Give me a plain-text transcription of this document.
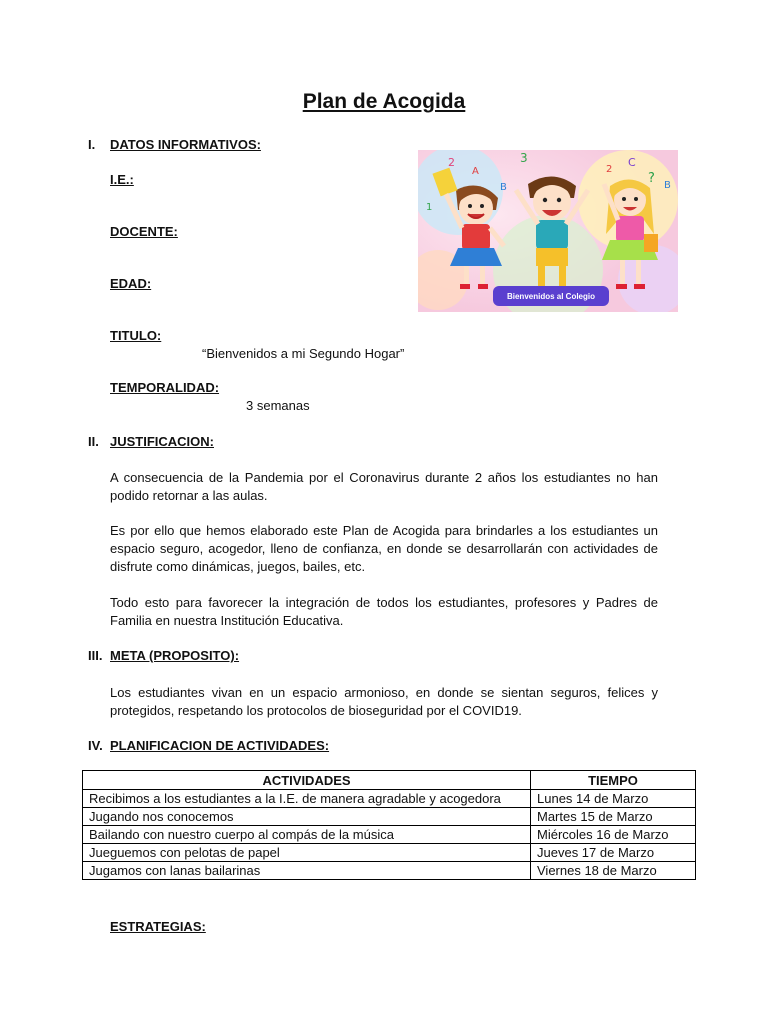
Plan de Acogida
I. DATOS INFORMATIVOS:
I.E.:
DOCENTE:
EDAD:
TITULO:
“Bienvenidos a mi Segundo Hogar”
TEMPORALIDAD:
3 semanas
2
A
3
2
C
? B
B
1
Bienvenidos al Colegio
II. JUSTIFICACION:

A consecuencia de la Pandemia por el Coronavirus durante 2 años los estudiantes no han podido retornar a las aulas.

Es por ello que hemos elaborado este Plan de Acogida para brindarles a los estudiantes un espacio seguro, acogedor, lleno de confianza, en donde se desarrollarán con actividades de disfrute como dinámicas, juegos, bailes, etc.

Todo esto para favorecer la integración de todos los estudiantes, profesores y Padres de Familia en nuestra Institución Educativa.

III. META (PROPOSITO):

Los estudiantes vivan en un espacio armonioso, en donde se sientan seguros, felices y protegidos, respetando los protocolos de bioseguridad por el COVID19.

IV. PLANIFICACION DE ACTIVIDADES:
ACTIVIDADES	TIEMPO
Recibimos a los estudiantes a la I.E. de manera agradable y acogedora	Lunes 14 de Marzo
Jugando nos conocemos	Martes 15 de Marzo
Bailando con nuestro cuerpo al compás de la música	Miércoles 16 de Marzo
Jueguemos con pelotas de papel	Jueves 17 de Marzo
Jugamos con lanas bailarinas	Viernes 18 de Marzo
ESTRATEGIAS:
